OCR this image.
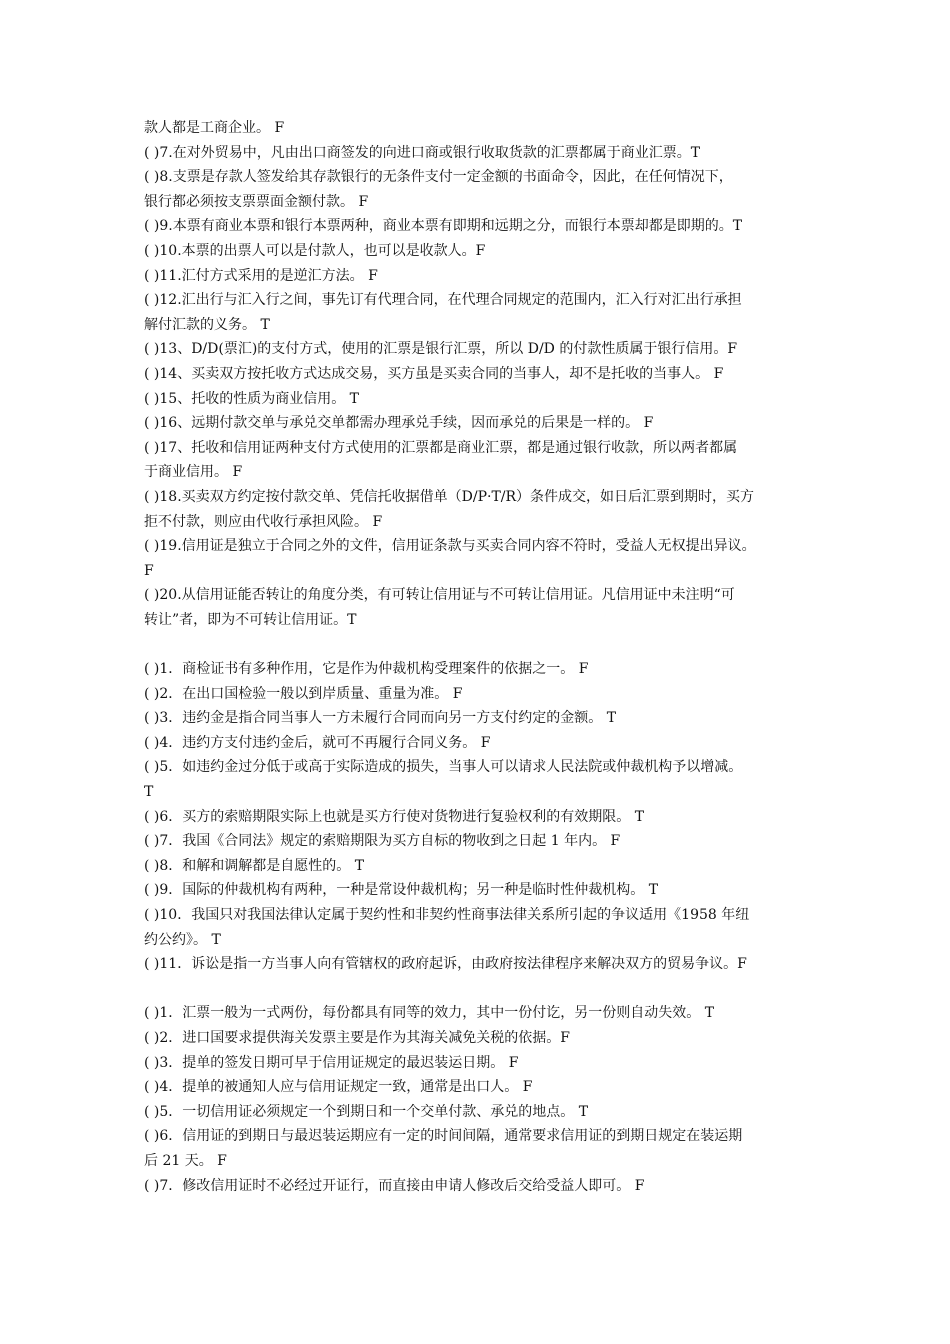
款人都是工商企业。 F
( )7.在对外贸易中，凡由出口商签发的向进口商或银行收取货款的汇票都属于商业汇票。T
( )8.支票是存款人签发给其存款银行的无条件支付一定金额的书面命令，因此，在任何情况下，
银行都必须按支票票面金额付款。 F
( )9.本票有商业本票和银行本票两种，商业本票有即期和远期之分，而银行本票却都是即期的。T
( )10.本票的出票人可以是付款人，也可以是收款人。F
( )11.汇付方式采用的是逆汇方法。 F
( )12.汇出行与汇入行之间，事先订有代理合同，在代理合同规定的范围内，汇入行对汇出行承担
解付汇款的义务。 T
( )13、D/D(票汇)的支付方式，使用的汇票是银行汇票，所以 D/D 的付款性质属于银行信用。F
( )14、买卖双方按托收方式达成交易，买方虽是买卖合同的当事人，却不是托收的当事人。 F
( )15、托收的性质为商业信用。 T
( )16、远期付款交单与承兑交单都需办理承兑手续，因而承兑的后果是一样的。 F
( )17、托收和信用证两种支付方式使用的汇票都是商业汇票，都是通过银行收款，所以两者都属
于商业信用。 F
( )18.买卖双方约定按付款交单、凭信托收据借单（D/P·T/R）条件成交，如日后汇票到期时，买方
拒不付款，则应由代收行承担风险。 F
( )19.信用证是独立于合同之外的文件，信用证条款与买卖合同内容不符时，受益人无权提出异议。
F
( )20.从信用证能否转让的角度分类，有可转让信用证与不可转让信用证。凡信用证中未注明“可
转让”者，即为不可转让信用证。T
( )1．商检证书有多种作用，它是作为仲裁机构受理案件的依据之一。 F
( )2．在出口国检验一般以到岸质量、重量为准。 F
( )3．违约金是指合同当事人一方未履行合同而向另一方支付约定的金额。 T
( )4．违约方支付违约金后，就可不再履行合同义务。 F
( )5．如违约金过分低于或高于实际造成的损失，当事人可以请求人民法院或仲裁机构予以增减。
T
( )6．买方的索赔期限实际上也就是买方行使对货物进行复验权利的有效期限。 T
( )7．我国《合同法》规定的索赔期限为买方自标的物收到之日起 1 年内。 F
( )8．和解和调解都是自愿性的。 T
( )9．国际的仲裁机构有两种，一种是常设仲裁机构；另一种是临时性仲裁机构。 T
( )10．我国只对我国法律认定属于契约性和非契约性商事法律关系所引起的争议适用《1958 年纽
约公约》。 T
( )11．诉讼是指一方当事人向有管辖权的政府起诉，由政府按法律程序来解决双方的贸易争议。F
( )1．汇票一般为一式两份，每份都具有同等的效力，其中一份付讫，另一份则自动失效。 T
( )2．进口国要求提供海关发票主要是作为其海关减免关税的依据。F
( )3．提单的签发日期可早于信用证规定的最迟装运日期。 F
( )4．提单的被通知人应与信用证规定一致，通常是出口人。 F
( )5．一切信用证必须规定一个到期日和一个交单付款、承兑的地点。 T
( )6．信用证的到期日与最迟装运期应有一定的时间间隔，通常要求信用证的到期日规定在装运期
后 21 天。 F
( )7．修改信用证时不必经过开证行，而直接由申请人修改后交给受益人即可。 F
